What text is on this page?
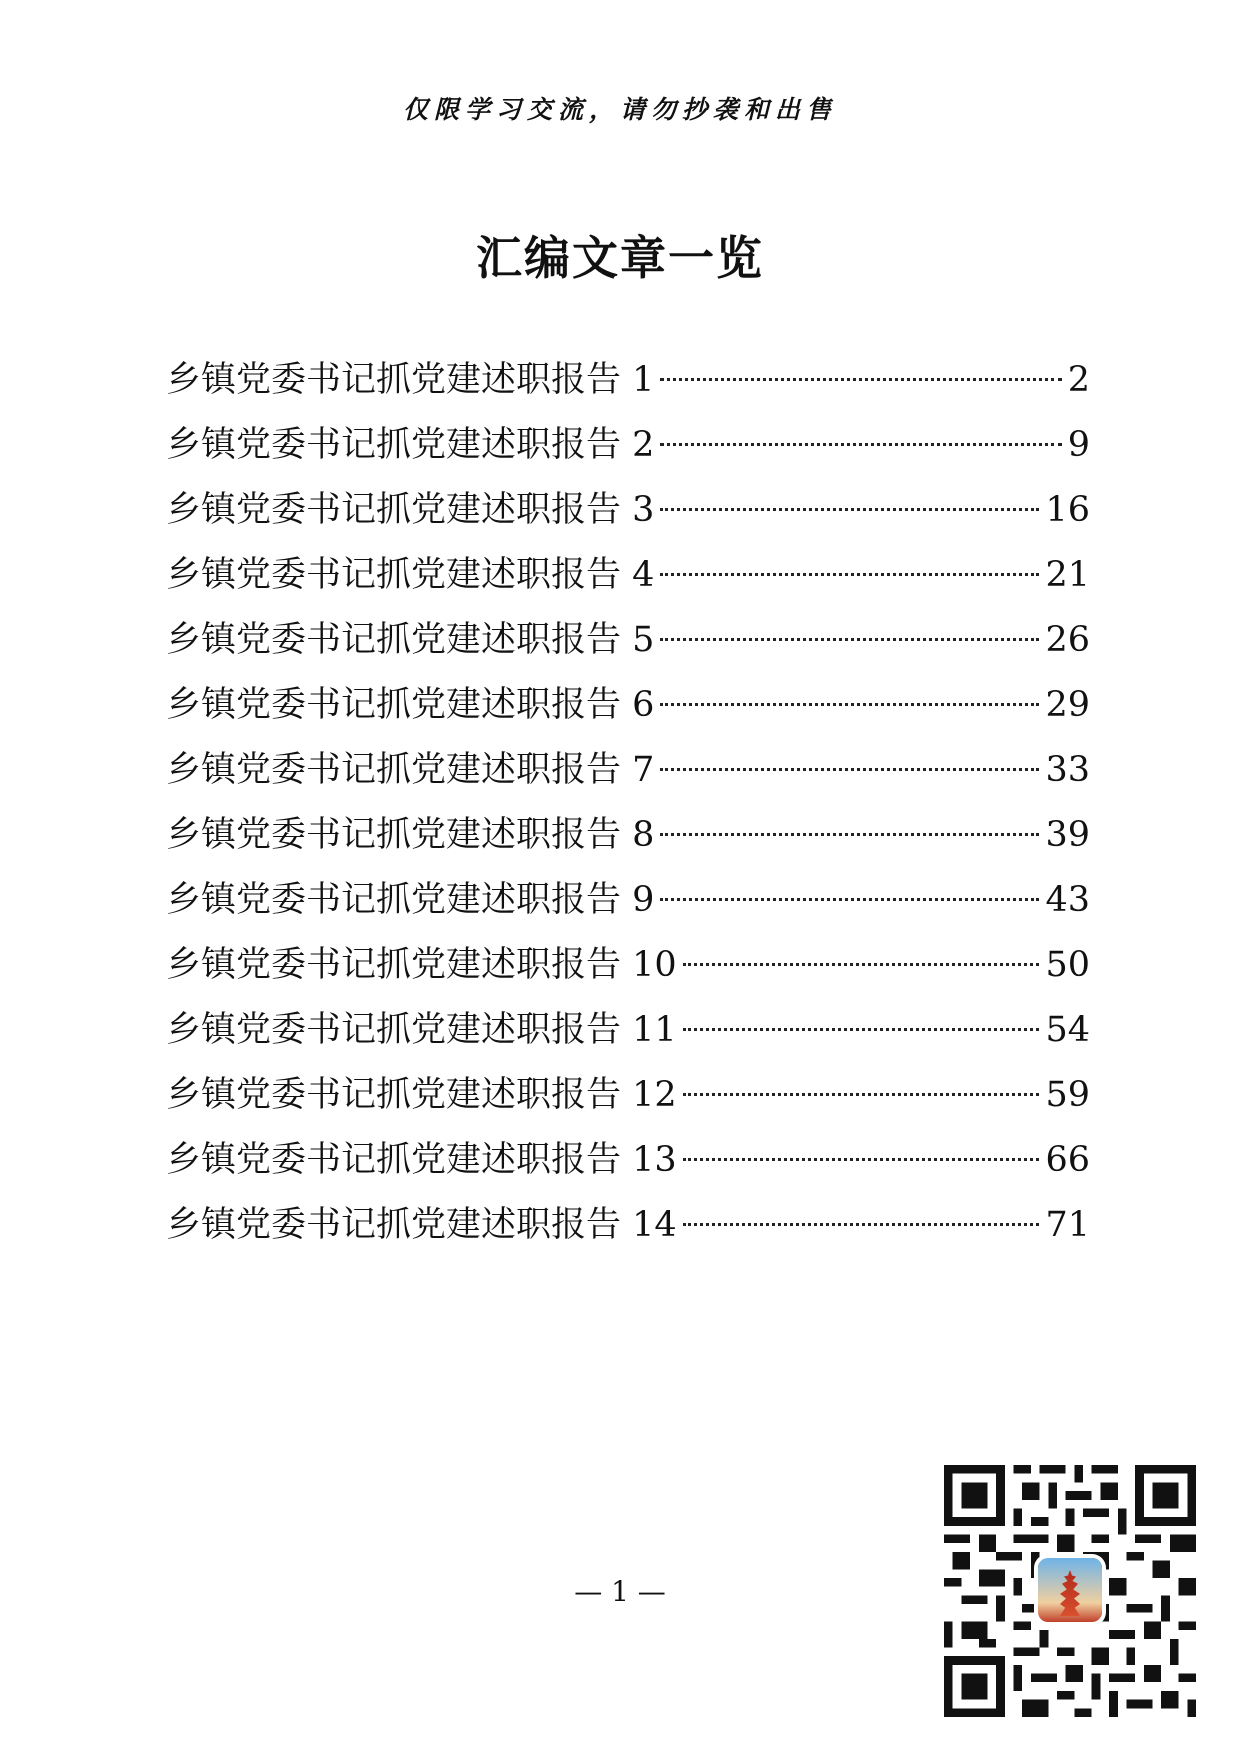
仅限学习交流，请勿抄袭和出售
汇编文章一览
乡镇党委书记抓党建述职报告 1	2
乡镇党委书记抓党建述职报告 2	9
乡镇党委书记抓党建述职报告 3	16
乡镇党委书记抓党建述职报告 4	21
乡镇党委书记抓党建述职报告 5	26
乡镇党委书记抓党建述职报告 6	29
乡镇党委书记抓党建述职报告 7	33
乡镇党委书记抓党建述职报告 8	39
乡镇党委书记抓党建述职报告 9	43
乡镇党委书记抓党建述职报告 10	50
乡镇党委书记抓党建述职报告 11	54
乡镇党委书记抓党建述职报告 12	59
乡镇党委书记抓党建述职报告 13	66
乡镇党委书记抓党建述职报告 14	71
— 1 —
